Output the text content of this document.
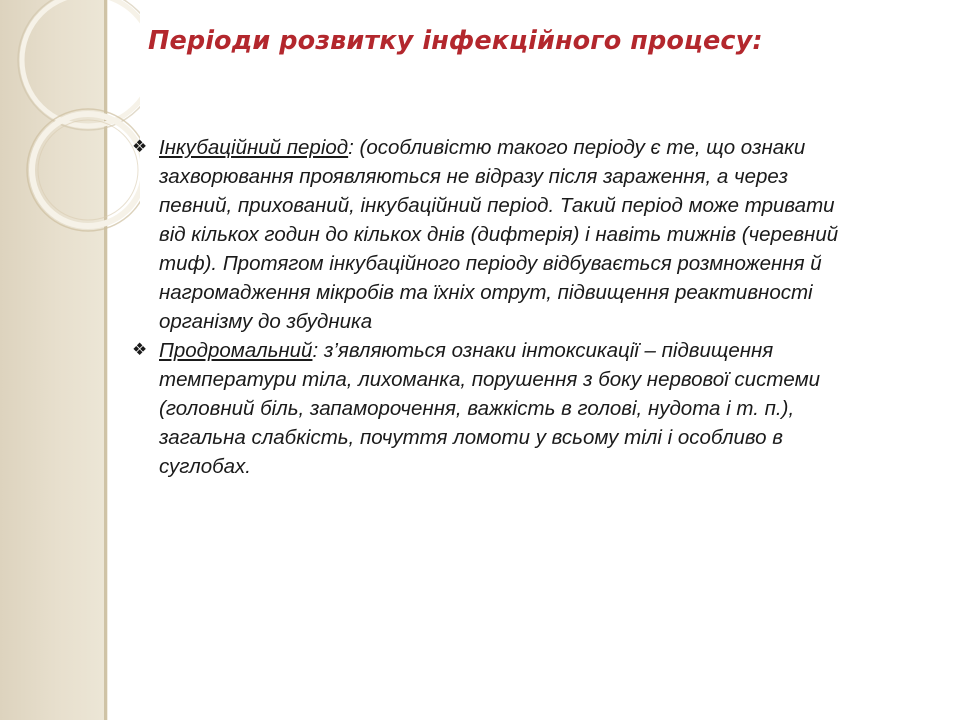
Періоди розвитку інфекційного процесу:

❖ Інкубаційний період: (особливістю такого періоду є те, що ознаки захворювання проявляються не відразу після зараження, а через певний, прихований, інкубаційний період. Такий період може тривати від кількох годин до кількох днів (дифтерія) і навіть тижнів (черевний тиф). Протягом інкубаційного періоду відбувається розмноження й нагромадження мікробів та їхніх отрут, підвищення реактивності організму до збудника

❖ Продромальний: з’являються ознаки інтоксикації – підвищення температури тіла, лихоманка, порушення з боку нервової системи (головний біль, запаморочення, важкість в голові, нудота і т. п.), загальна слабкість, почуття ломоти у всьому тілі і особливо в суглобах.
